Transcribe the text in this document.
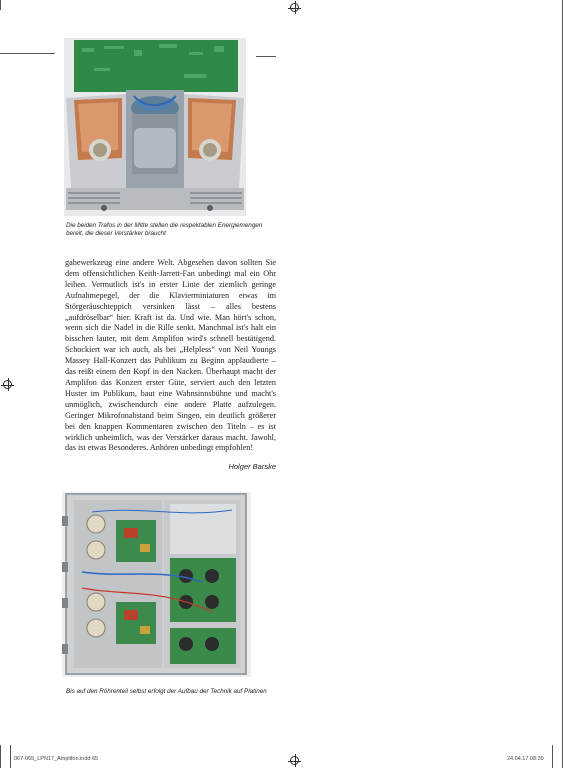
Die beiden Trafos in der Mitte stellen die respektablen Energiemengen bereit, die dieser Verstärker braucht

gabewerkzeug eine andere Welt. Abgesehen davon sollten Sie dem offensichtlichen Keith-Jarrett-Fan unbedingt mal ein Ohr leihen. Vermutlich ist's in erster Linie der ziemlich geringe Aufnahmepegel, der die Klavierminiaturen etwas im Störgeräuschteppich versinken lässt – alles bestens „aufdröselbar“ hier. Kraft ist da. Und wie. Man hört's schon, wenn sich die Nadel in die Rille senkt. Manchmal ist's halt ein bisschen lauter, mit dem Amplifon wird's schnell bestätigend. Schockiert war ich auch, als bei „Helpless“ von Neil Youngs Massey Hall-Konzert das Publikum zu Beginn applaudierte – das reißt einem den Kopf in den Nacken. Überhaupt macht der Amplifon das Konzert erster Güte, serviert auch den letzten Huster im Publikum, baut eine Wahnsinnsbühne und macht's unmöglich, zwischendurch eine andere Platte aufzulegen. Geringer Mikrofonabstand beim Singen, ein deutlich größerer bei den knappen Kommentaren zwischen den Titeln – es ist wirklich unheimlich, was der Verstärker daraus macht. Jawohl, das ist etwas Besonderes. Anhören unbedingt empfohlen!

Holger Barske
Bis auf den Röhrenteil selbst erfolgt der Aufbau der Technik auf Platinen
067-065_LPN17_Amplifon.indd 65	24.04.17 08:39
